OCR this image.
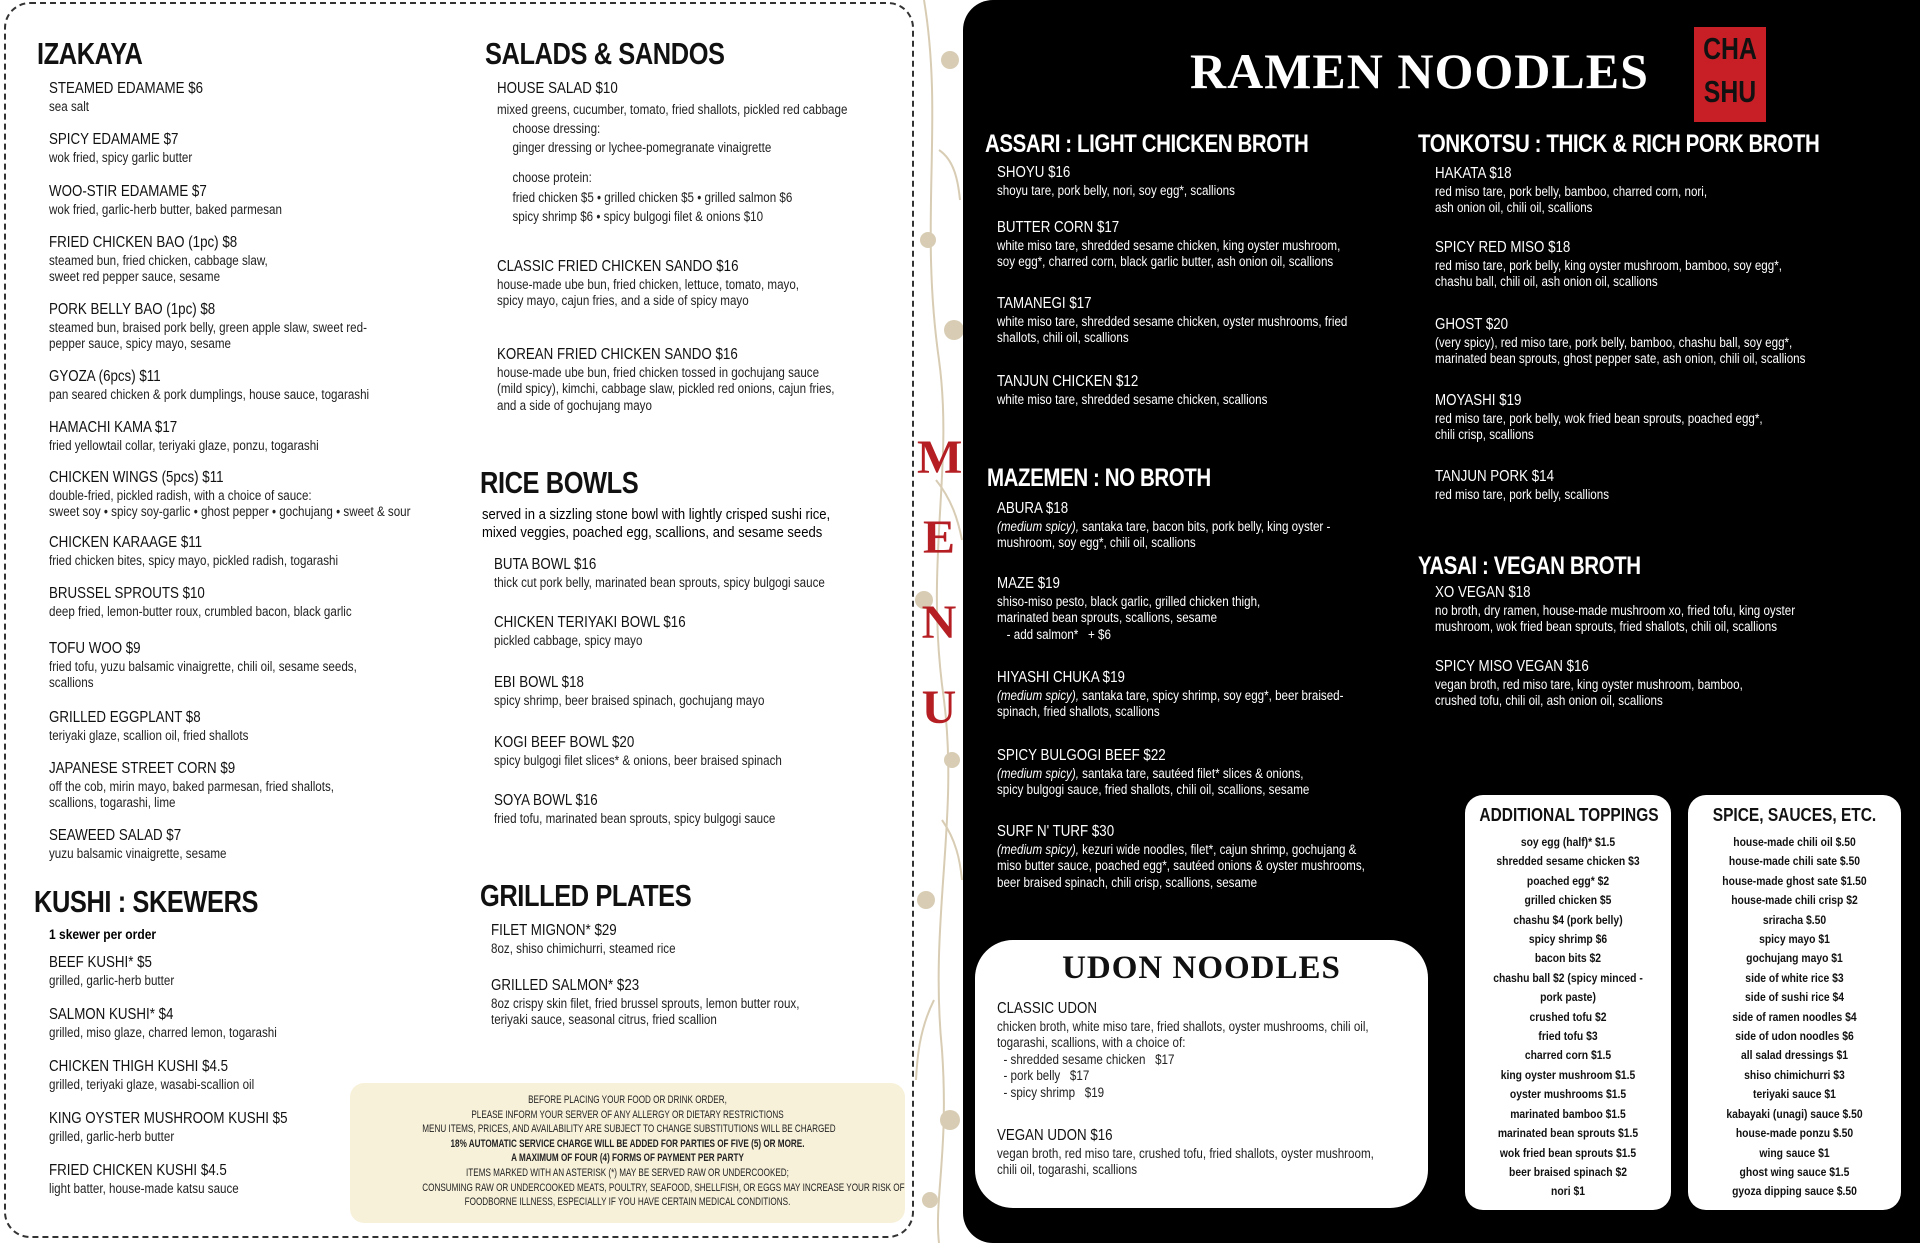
M
E
N
U
IZAKAYA
STEAMED EDAMAME $6
sea salt
SPICY EDAMAME $7
wok fried, spicy garlic butter
WOO-STIR EDAMAME $7
wok fried, garlic-herb butter, baked parmesan
FRIED CHICKEN BAO (1pc) $8
steamed bun, fried chicken, cabbage slaw,
sweet red pepper sauce, sesame
PORK BELLY BAO (1pc) $8
steamed bun, braised pork belly, green apple slaw, sweet red-
pepper sauce, spicy mayo, sesame
GYOZA (6pcs) $11
pan seared chicken & pork dumplings, house sauce, togarashi
HAMACHI KAMA $17
fried yellowtail collar, teriyaki glaze, ponzu, togarashi
CHICKEN WINGS (5pcs) $11
double-fried, pickled radish, with a choice of sauce:
sweet soy • spicy soy-garlic • ghost pepper • gochujang • sweet & sour
CHICKEN KARAAGE $11
fried chicken bites, spicy mayo, pickled radish, togarashi
BRUSSEL SPROUTS $10
deep fried, lemon-butter roux, crumbled bacon, black garlic
TOFU WOO $9
fried tofu, yuzu balsamic vinaigrette, chili oil, sesame seeds,
scallions
GRILLED EGGPLANT $8
teriyaki glaze, scallion oil, fried shallots
JAPANESE STREET CORN $9
off the cob, mirin mayo, baked parmesan, fried shallots,
scallions, togarashi, lime
SEAWEED SALAD $7
yuzu balsamic vinaigrette, sesame
KUSHI : SKEWERS
1 skewer per order
BEEF KUSHI* $5
grilled, garlic-herb butter
SALMON KUSHI* $4
grilled, miso glaze, charred lemon, togarashi
CHICKEN THIGH KUSHI $4.5
grilled, teriyaki glaze, wasabi-scallion oil
KING OYSTER MUSHROOM KUSHI $5
grilled, garlic-herb butter
FRIED CHICKEN KUSHI $4.5
light batter, house-made katsu sauce
SALADS & SANDOS
HOUSE SALAD $10
mixed greens, cucumber, tomato, fried shallots, pickled red cabbage
choose dressing:
ginger dressing or lychee-pomegranate vinaigrette
choose protein:
fried chicken $5 • grilled chicken $5 • grilled salmon $6
spicy shrimp $6 • spicy bulgogi filet & onions $10
CLASSIC FRIED CHICKEN SANDO $16
house-made ube bun, fried chicken, lettuce, tomato, mayo,
spicy mayo, cajun fries, and a side of spicy mayo
KOREAN FRIED CHICKEN SANDO $16
house-made ube bun, fried chicken tossed in gochujang sauce
(mild spicy), kimchi, cabbage slaw, pickled red onions, cajun fries,
and a side of gochujang mayo
RICE BOWLS
served in a sizzling stone bowl with lightly crisped sushi rice,
mixed veggies, poached egg, scallions, and sesame seeds
BUTA BOWL $16
thick cut pork belly, marinated bean sprouts, spicy bulgogi sauce
CHICKEN TERIYAKI BOWL $16
pickled cabbage, spicy mayo
EBI BOWL $18
spicy shrimp, beer braised spinach, gochujang mayo
KOGI BEEF BOWL $20
spicy bulgogi filet slices* & onions, beer braised spinach
SOYA BOWL $16
fried tofu, marinated bean sprouts, spicy bulgogi sauce
GRILLED PLATES
FILET MIGNON* $29
8oz, shiso chimichurri, steamed rice
GRILLED SALMON* $23
8oz crispy skin filet, fried brussel sprouts, lemon butter roux,
teriyaki sauce, seasonal citrus, fried scallion
BEFORE PLACING YOUR FOOD OR DRINK ORDER,
PLEASE INFORM YOUR SERVER OF ANY ALLERGY OR DIETARY RESTRICTIONS
MENU ITEMS, PRICES, AND AVAILABILITY ARE SUBJECT TO CHANGE SUBSTITUTIONS WILL BE CHARGED
18% AUTOMATIC SERVICE CHARGE WILL BE ADDED FOR PARTIES OF FIVE (5) OR MORE.
A MAXIMUM OF FOUR (4) FORMS OF PAYMENT PER PARTY
ITEMS MARKED WITH AN ASTERISK (*) MAY BE SERVED RAW OR UNDERCOOKED;
CONSUMING RAW OR UNDERCOOKED MEATS, POULTRY, SEAFOOD, SHELLFISH, OR EGGS MAY INCREASE YOUR RISK OF
FOODBORNE ILLNESS, ESPECIALLY IF YOU HAVE CERTAIN MEDICAL CONDITIONS.
RAMEN NOODLES CHA
SHU
ASSARI : LIGHT CHICKEN BROTH
SHOYU $16
shoyu tare, pork belly, nori, soy egg*, scallions
BUTTER CORN $17
white miso tare, shredded sesame chicken, king oyster mushroom,
soy egg*, charred corn, black garlic butter, ash onion oil, scallions
TAMANEGI $17
white miso tare, shredded sesame chicken, oyster mushrooms, fried
shallots, chili oil, scallions
TANJUN CHICKEN $12
white miso tare, shredded sesame chicken, scallions
MAZEMEN : NO BROTH
ABURA $18
(medium spicy), santaka tare, bacon bits, pork belly, king oyster -
mushroom, soy egg*, chili oil, scallions
MAZE $19
shiso-miso pesto, black garlic, grilled chicken thigh,
marinated bean sprouts, scallions, sesame
- add salmon*   + $6
HIYASHI CHUKA $19
(medium spicy), santaka tare, spicy shrimp, soy egg*, beer braised-
spinach, fried shallots, scallions
SPICY BULGOGI BEEF $22
(medium spicy), santaka tare, sautéed filet* slices & onions,
spicy bulgogi sauce, fried shallots, chili oil, scallions, sesame
SURF N' TURF $30
(medium spicy), kezuri wide noodles, filet*, cajun shrimp, gochujang &
miso butter sauce, poached egg*, sautéed onions & oyster mushrooms,
beer braised spinach, chili crisp, scallions, sesame
TONKOTSU : THICK & RICH PORK BROTH
HAKATA $18
red miso tare, pork belly, bamboo, charred corn, nori,
ash onion oil, chili oil, scallions
SPICY RED MISO $18
red miso tare, pork belly, king oyster mushroom, bamboo, soy egg*,
chashu ball, chili oil, ash onion oil, scallions
GHOST $20
(very spicy), red miso tare, pork belly, bamboo, chashu ball, soy egg*,
marinated bean sprouts, ghost pepper sate, ash onion, chili oil, scallions
MOYASHI $19
red miso tare, pork belly, wok fried bean sprouts, poached egg*,
chili crisp, scallions
TANJUN PORK $14
red miso tare, pork belly, scallions
YASAI : VEGAN BROTH
XO VEGAN $18
no broth, dry ramen, house-made mushroom xo, fried tofu, king oyster
mushroom, wok fried bean sprouts, fried shallots, chili oil, scallions
SPICY MISO VEGAN $16
vegan broth, red miso tare, king oyster mushroom, bamboo,
crushed tofu, chili oil, ash onion oil, scallions
UDON NOODLES
CLASSIC UDON
chicken broth, white miso tare, fried shallots, oyster mushrooms, chili oil,
togarashi, scallions, with a choice of:
- shredded sesame chicken   $17
- pork belly   $17
- spicy shrimp   $19
VEGAN UDON $16
vegan broth, red miso tare, crushed tofu, fried shallots, oyster mushroom,
chili oil, togarashi, scallions
ADDITIONAL TOPPINGS
soy egg (half)* $1.5
shredded sesame chicken $3
poached egg* $2
grilled chicken $5
chashu $4 (pork belly)
spicy shrimp $6
bacon bits $2
chashu ball $2 (spicy minced -
pork paste)
crushed tofu $2
fried tofu $3
charred corn $1.5
king oyster mushroom $1.5
oyster mushrooms $1.5
marinated bamboo $1.5
marinated bean sprouts $1.5
wok fried bean sprouts $1.5
beer braised spinach $2
nori $1
SPICE, SAUCES, ETC.
house-made chili oil $.50
house-made chili sate $.50
house-made ghost sate $1.50
house-made chili crisp $2
sriracha $.50
spicy mayo $1
gochujang mayo $1
side of white rice $3
side of sushi rice $4
side of ramen noodles $4
side of udon noodles $6
all salad dressings $1
shiso chimichurri $3
teriyaki sauce $1
kabayaki (unagi) sauce $.50
house-made ponzu $.50
wing sauce $1
ghost wing sauce $1.5
gyoza dipping sauce $.50
